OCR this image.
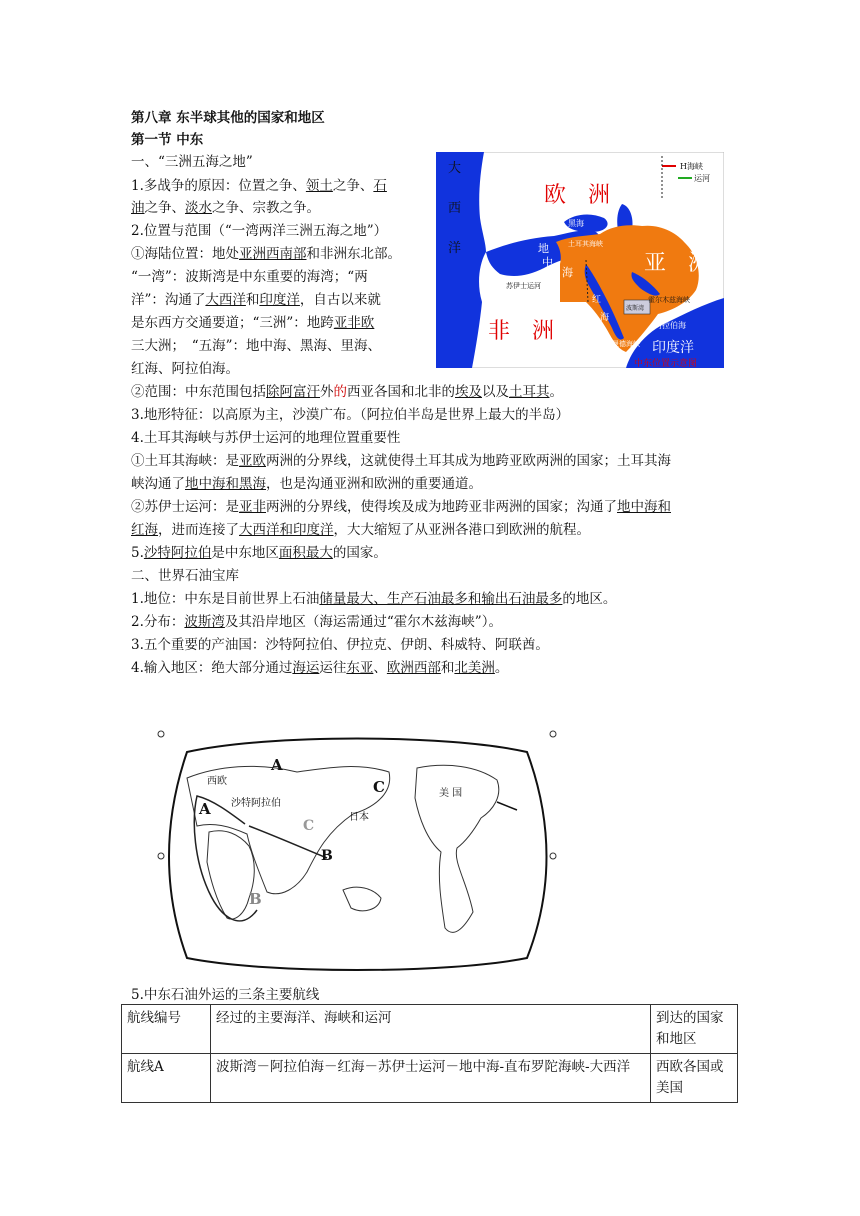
第八章 东半球其他的国家和地区
第一节 中东
一、“三洲五海之地”
1.多战争的原因：位置之争、领土之争、石
油之争、淡水之争、宗教之争。
2.位置与范围（“一湾两洋三洲五海之地”）
①海陆位置：地处亚洲西南部和非洲东北部。
“一湾”：波斯湾是中东重要的海湾；“两
洋”：沟通了大西洋和印度洋，自古以来就
是东西方交通要道；“三洲”：地跨亚非欧
三大洲；　“五海”：地中海、黑海、里海、
红海、阿拉伯海。
②范围：中东范围包括除阿富汗外的西亚各国和北非的埃及以及土耳其。
3.地形特征：以高原为主，沙漠广布。（阿拉伯半岛是世界上最大的半岛）
4.土耳其海峡与苏伊士运河的地理位置重要性
①土耳其海峡：是亚欧两洲的分界线，这就使得土耳其成为地跨亚欧两洲的国家；土耳其海
峡沟通了地中海和黑海，也是沟通亚洲和欧洲的重要通道。
②苏伊士运河：是亚非两洲的分界线，使得埃及成为地跨亚非两洲的国家；沟通了地中海和
红海，进而连接了大西洋和印度洋，大大缩短了从亚洲各港口到欧洲的航程。
5.沙特阿拉伯是中东地区面积最大的国家。
二、世界石油宝库
1.地位：中东是目前世界上石油储量最大、生产石油最多和输出石油最多的地区。
2.分布：波斯湾及其沿岸地区（海运需通过“霍尔木兹海峡”）。
3.五个重要的产油国：沙特阿拉伯、伊拉克、伊朗、科威特、阿联酋。
4.输入地区：绝大部分通过海运运往东亚、欧洲西部和北美洲。
大
西
洋
欧　洲
亚　洲
非　洲
黑海
土耳其海峡
地
中
海
苏伊士运河
红
海
波斯湾
霍尔木兹海峡
阿拉伯海
曼德海峡 印度洋
中东位置示意图
H海峡
运河
西欧
沙特阿拉伯
日本
美 国
A
A
B
B
C
C
5.中东石油外运的三条主要航线
航线编号	经过的主要海洋、海峡和运河	到达的国家和地区
航线A	波斯湾－阿拉伯海－红海－苏伊士运河－地中海-直布罗陀海峡-大西洋	西欧各国或美国
